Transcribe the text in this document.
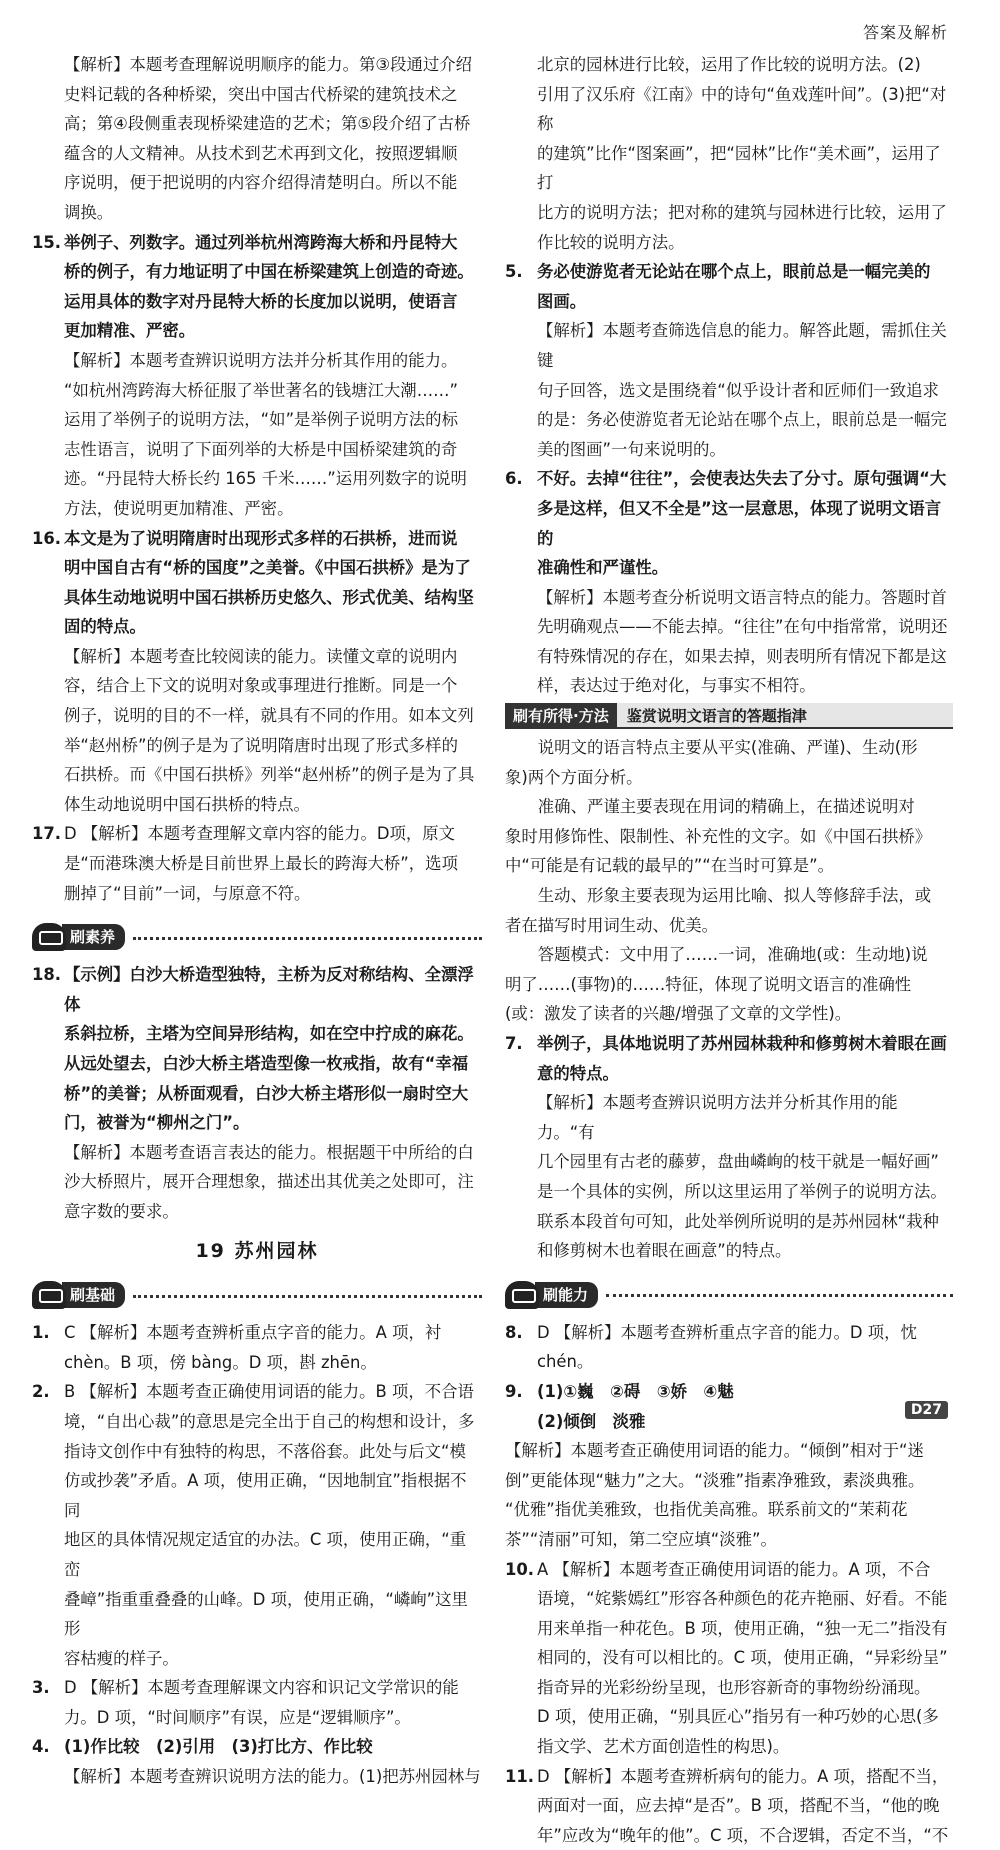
答案及解析

【解析】本题考查理解说明顺序的能力。第③段通过介绍

史料记载的各种桥梁，突出中国古代桥梁的建筑技术之

高；第④段侧重表现桥梁建造的艺术；第⑤段介绍了古桥

蕴含的人文精神。从技术到艺术再到文化，按照逻辑顺

序说明，便于把说明的内容介绍得清楚明白。所以不能

调换。

15. 举例子、列数字。通过列举杭州湾跨海大桥和丹昆特大

桥的例子，有力地证明了中国在桥梁建筑上创造的奇迹。

运用具体的数字对丹昆特大桥的长度加以说明，使语言

更加精准、严密。

【解析】本题考查辨识说明方法并分析其作用的能力。

“如杭州湾跨海大桥征服了举世著名的钱塘江大潮……”

运用了举例子的说明方法，“如”是举例子说明方法的标

志性语言，说明了下面列举的大桥是中国桥梁建筑的奇

迹。“丹昆特大桥长约 165 千米……”运用列数字的说明

方法，使说明更加精准、严密。

16. 本文是为了说明隋唐时出现形式多样的石拱桥，进而说

明中国自古有“桥的国度”之美誉。《中国石拱桥》是为了

具体生动地说明中国石拱桥历史悠久、形式优美、结构坚

固的特点。

【解析】本题考查比较阅读的能力。读懂文章的说明内

容，结合上下文的说明对象或事理进行推断。同是一个

例子，说明的目的不一样，就具有不同的作用。如本文列

举“赵州桥”的例子是为了说明隋唐时出现了形式多样的

石拱桥。而《中国石拱桥》列举“赵州桥”的例子是为了具

体生动地说明中国石拱桥的特点。

17. D 【解析】本题考查理解文章内容的能力。D项，原文

是“而港珠澳大桥是目前世界上最长的跨海大桥”，选项

删掉了“目前”一词，与原意不符。

刷素养
18. 【示例】白沙大桥造型独特，主桥为反对称结构、全漂浮体

系斜拉桥，主塔为空间异形结构，如在空中拧成的麻花。

从远处望去，白沙大桥主塔造型像一枚戒指，故有“幸福

桥”的美誉；从桥面观看，白沙大桥主塔形似一扇时空大

门，被誉为“柳州之门”。

【解析】本题考查语言表达的能力。根据题干中所给的白

沙大桥照片，展开合理想象，描述出其优美之处即可，注

意字数的要求。

19 苏州园林
刷基础
1. C 【解析】本题考查辨析重点字音的能力。A 项，衬

chèn。B 项，傍 bàng。D 项，斟 zhēn。

2. B 【解析】本题考查正确使用词语的能力。B 项，不合语

境，“自出心裁”的意思是完全出于自己的构想和设计，多

指诗文创作中有独特的构思，不落俗套。此处与后文“模

仿或抄袭”矛盾。A 项，使用正确，“因地制宜”指根据不同

地区的具体情况规定适宜的办法。C 项，使用正确，“重峦

叠嶂”指重重叠叠的山峰。D 项，使用正确，“嶙峋”这里形

容枯瘦的样子。

3. D 【解析】本题考查理解课文内容和识记文学常识的能

力。D 项，“时间顺序”有误，应是“逻辑顺序”。

4. (1)作比较　(2)引用　(3)打比方、作比较

【解析】本题考查辨识说明方法的能力。(1)把苏州园林与

北京的园林进行比较，运用了作比较的说明方法。(2)

引用了汉乐府《江南》中的诗句“鱼戏莲叶间”。(3)把“对称

的建筑”比作“图案画”，把“园林”比作“美术画”，运用了打

比方的说明方法；把对称的建筑与园林进行比较，运用了

作比较的说明方法。

5. 务必使游览者无论站在哪个点上，眼前总是一幅完美的

图画。

【解析】本题考查筛选信息的能力。解答此题，需抓住关键

句子回答，选文是围绕着“似乎设计者和匠师们一致追求

的是：务必使游览者无论站在哪个点上，眼前总是一幅完

美的图画”一句来说明的。

6. 不好。去掉“往往”，会使表达失去了分寸。原句强调“大

多是这样，但又不全是”这一层意思，体现了说明文语言的

准确性和严谨性。

【解析】本题考查分析说明文语言特点的能力。答题时首

先明确观点——不能去掉。“往往”在句中指常常，说明还

有特殊情况的存在，如果去掉，则表明所有情况下都是这

样，表达过于绝对化，与事实不相符。

刷有所得·方法	鉴赏说明文语言的答题指津

说明文的语言特点主要从平实(准确、严谨)、生动(形

象)两个方面分析。

准确、严谨主要表现在用词的精确上，在描述说明对

象时用修饰性、限制性、补充性的文字。如《中国石拱桥》

中“可能是有记载的最早的”“在当时可算是”。

生动、形象主要表现为运用比喻、拟人等修辞手法，或

者在描写时用词生动、优美。

答题模式：文中用了……一词，准确地(或：生动地)说

明了……(事物)的……特征，体现了说明文语言的准确性

(或：激发了读者的兴趣/增强了文章的文学性)。

7. 举例子，具体地说明了苏州园林栽种和修剪树木着眼在画

意的特点。

【解析】本题考查辨识说明方法并分析其作用的能力。“有

几个园里有古老的藤萝，盘曲嶙峋的枝干就是一幅好画”

是一个具体的实例，所以这里运用了举例子的说明方法。

联系本段首句可知，此处举例所说明的是苏州园林“栽种

和修剪树木也着眼在画意”的特点。

刷能力
8. D 【解析】本题考查辨析重点字音的能力。D 项，忱 chén。

9. (1)①巍　②碍　③娇　④魅

(2)倾倒　淡雅

【解析】本题考查正确使用词语的能力。“倾倒”相对于“迷

倒”更能体现“魅力”之大。“淡雅”指素净雅致，素淡典雅。

“优雅”指优美雅致，也指优美高雅。联系前文的“茉莉花

茶”“清丽”可知，第二空应填“淡雅”。

10. A 【解析】本题考查正确使用词语的能力。A 项，不合

语境，“姹紫嫣红”形容各种颜色的花卉艳丽、好看。不能

用来单指一种花色。B 项，使用正确，“独一无二”指没有

相同的，没有可以相比的。C 项，使用正确，“异彩纷呈”

指奇异的光彩纷纷呈现，也形容新奇的事物纷纷涌现。

D 项，使用正确，“别具匠心”指另有一种巧妙的心思(多

指文学、艺术方面创造性的构思)。

11. D 【解析】本题考查辨析病句的能力。A 项，搭配不当，

两面对一面，应去掉“是否”。B 项，搭配不当，“他的晚

年”应改为“晚年的他”。C 项，不合逻辑，否定不当，“不

D27
